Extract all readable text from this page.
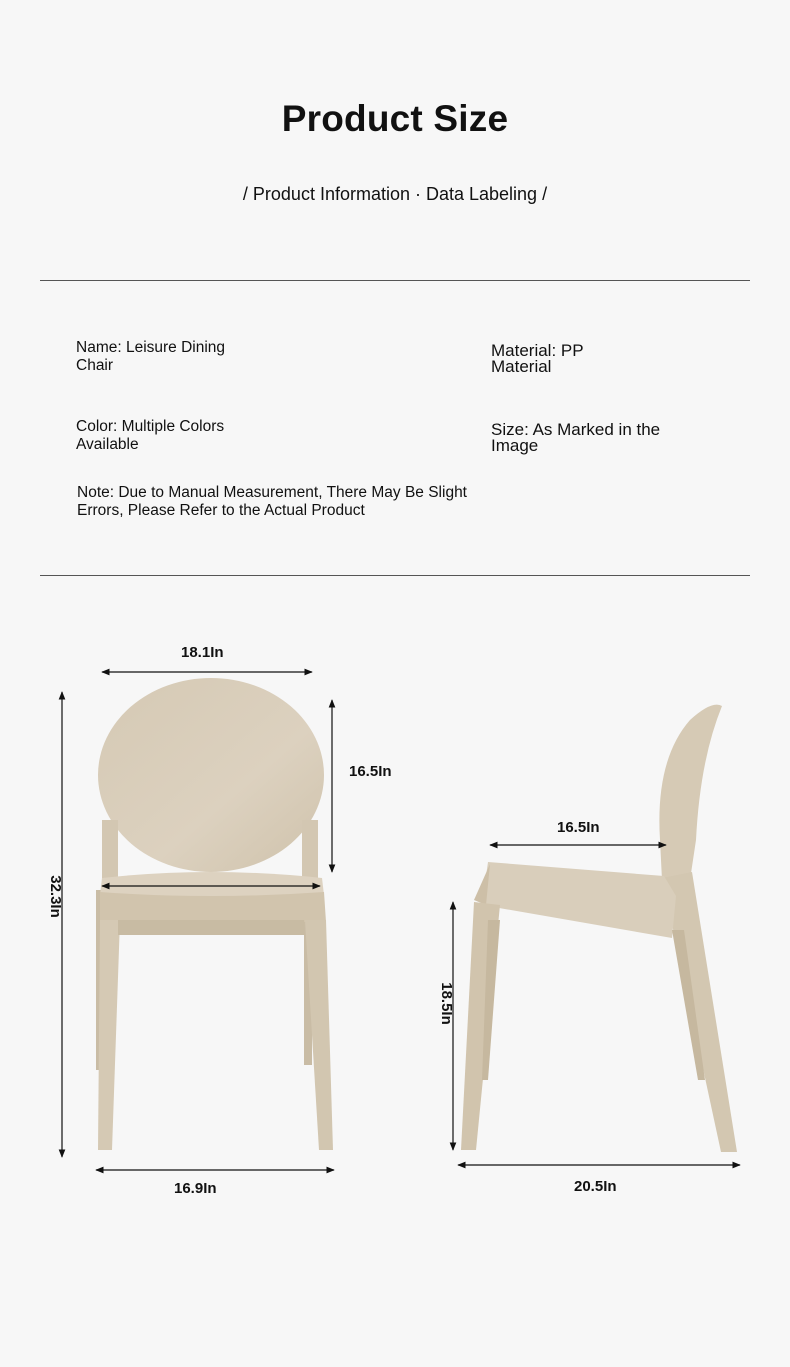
Product Size
/ Product Information · Data Labeling /
Name: Leisure Dining
Chair
Material: PP
Material
Color: Multiple Colors
Available
Size: As Marked in the
Image
Note: Due to Manual Measurement, There May Be Slight
Errors, Please Refer to the Actual Product
18.1In
16.5In
32.3In
16.9In
16.5In
18.5In
20.5In
